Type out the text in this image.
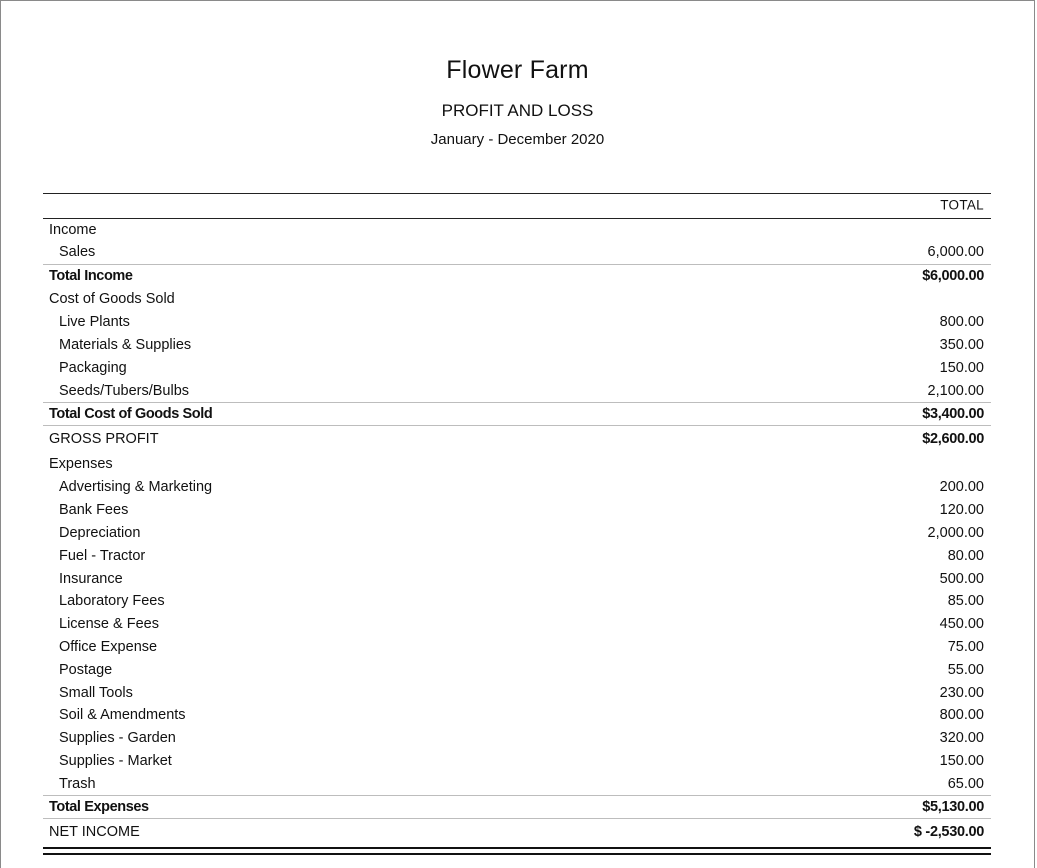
Flower Farm
PROFIT AND LOSS
January - December 2020
TOTAL
Income
Sales	6,000.00
Total Income	$6,000.00
Cost of Goods Sold
Live Plants	800.00
Materials & Supplies	350.00
Packaging	150.00
Seeds/Tubers/Bulbs	2,100.00
Total Cost of Goods Sold	$3,400.00
GROSS PROFIT	$2,600.00
Expenses
Advertising & Marketing	200.00
Bank Fees	120.00
Depreciation	2,000.00
Fuel - Tractor	80.00
Insurance	500.00
Laboratory Fees	85.00
License & Fees	450.00
Office Expense	75.00
Postage	55.00
Small Tools	230.00
Soil & Amendments	800.00
Supplies - Garden	320.00
Supplies - Market	150.00
Trash	65.00
Total Expenses	$5,130.00
NET INCOME	$ -2,530.00
